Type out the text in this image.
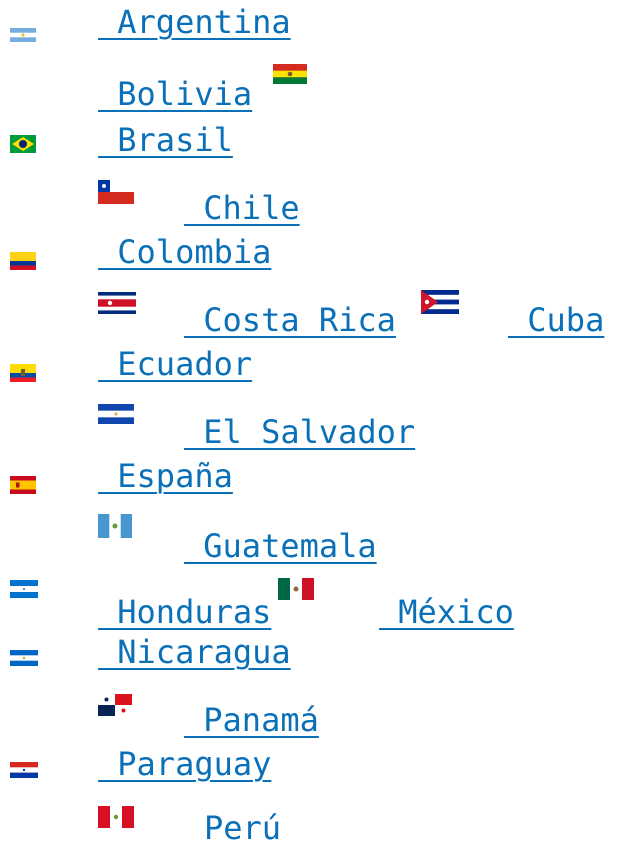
Argentina
Bolivia
Brasil
Chile
Colombia
Costa Rica	Cuba
Ecuador
El Salvador
España
Guatemala
Honduras	México
Nicaragua
Panamá
Paraguay
Perú
